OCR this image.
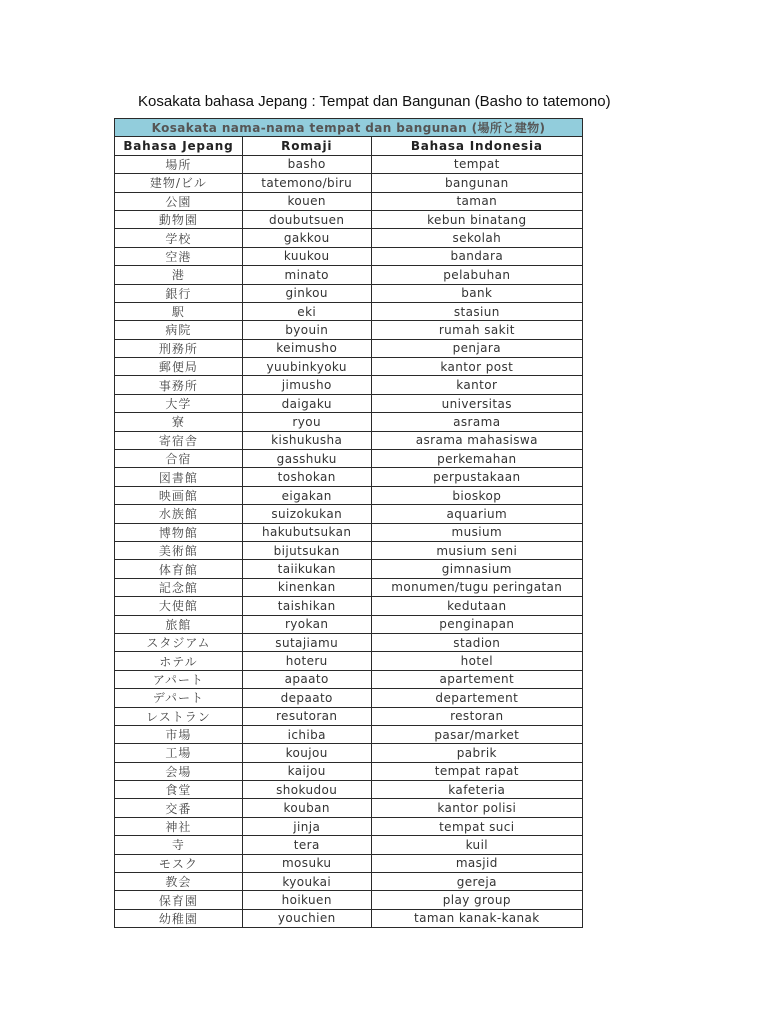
Kosakata bahasa Jepang : Tempat dan Bangunan (Basho to tatemono)
Kosakata nama-nama tempat dan bangunan (場所と建物)		
Bahasa Jepang	Romaji	Bahasa Indonesia
場所	basho	tempat
建物/ビル	tatemono/biru	bangunan
公園	kouen	taman
動物園	doubutsuen	kebun binatang
学校	gakkou	sekolah
空港	kuukou	bandara
港	minato	pelabuhan
銀行	ginkou	bank
駅	eki	stasiun
病院	byouin	rumah sakit
刑務所	keimusho	penjara
郵便局	yuubinkyoku	kantor post
事務所	jimusho	kantor
大学	daigaku	universitas
寮	ryou	asrama
寄宿舎	kishukusha	asrama mahasiswa
合宿	gasshuku	perkemahan
図書館	toshokan	perpustakaan
映画館	eigakan	bioskop
水族館	suizokukan	aquarium
博物館	hakubutsukan	musium
美術館	bijutsukan	musium seni
体育館	taiikukan	gimnasium
記念館	kinenkan	monumen/tugu peringatan
大使館	taishikan	kedutaan
旅館	ryokan	penginapan
スタジアム	sutajiamu	stadion
ホテル	hoteru	hotel
アパート	apaato	apartement
デパート	depaato	departement
レストラン	resutoran	restoran
市場	ichiba	pasar/market
工場	koujou	pabrik
会場	kaijou	tempat rapat
食堂	shokudou	kafeteria
交番	kouban	kantor polisi
神社	jinja	tempat suci
寺	tera	kuil
モスク	mosuku	masjid
教会	kyoukai	gereja
保育園	hoikuen	play group
幼稚園	youchien	taman kanak-kanak
